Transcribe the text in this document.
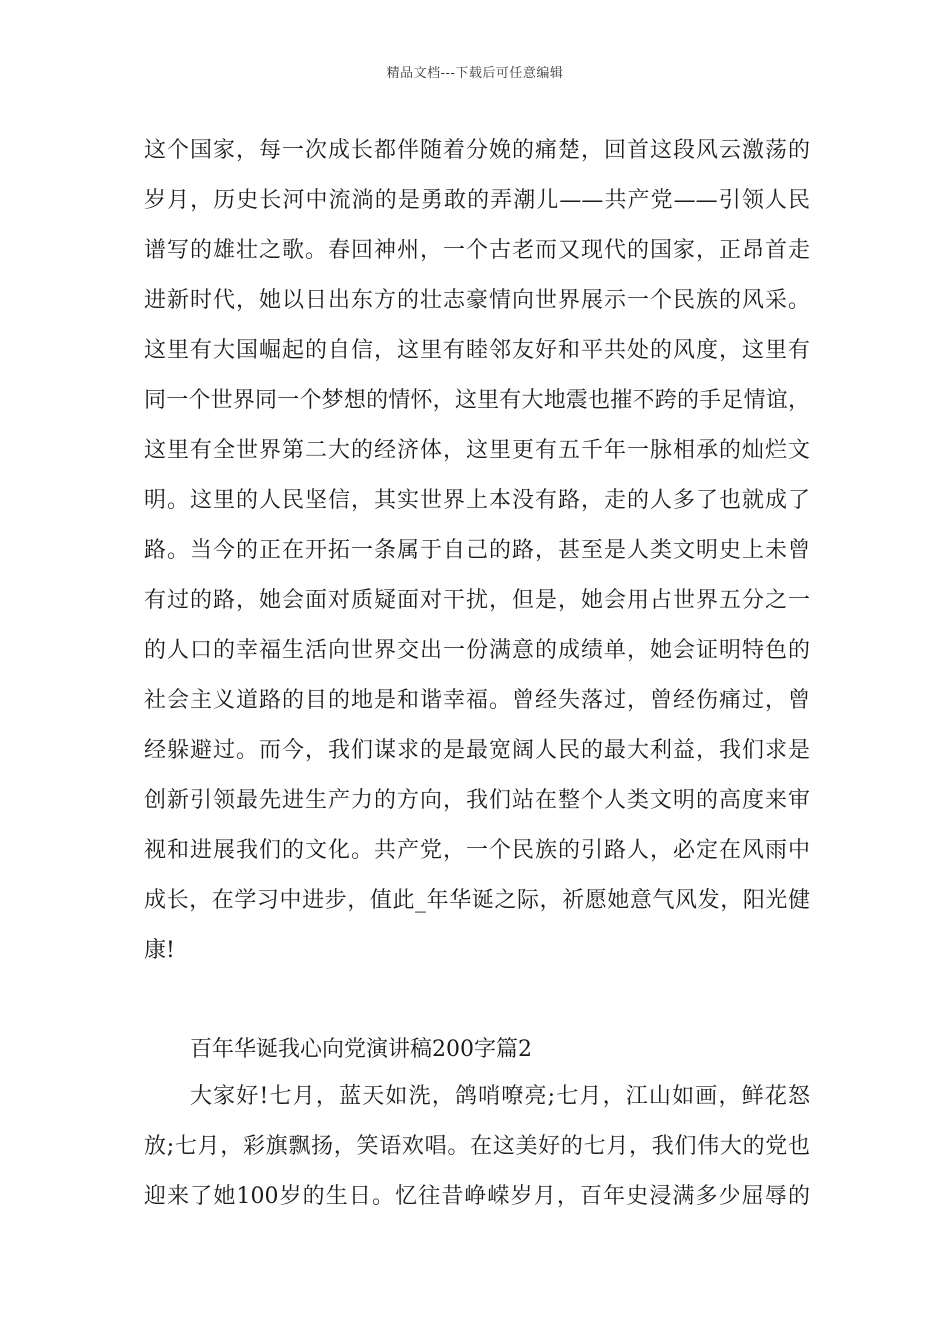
精品文档---下载后可任意编辑
这个国家，每一次成长都伴随着分娩的痛楚，回首这段风云激荡的
岁月，历史长河中流淌的是勇敢的弄潮儿——共产党——引领人民
谱写的雄壮之歌。春回神州，一个古老而又现代的国家，正昂首走
进新时代，她以日出东方的壮志豪情向世界展示一个民族的风采。
这里有大国崛起的自信，这里有睦邻友好和平共处的风度，这里有
同一个世界同一个梦想的情怀，这里有大地震也摧不跨的手足情谊，
这里有全世界第二大的经济体，这里更有五千年一脉相承的灿烂文
明。这里的人民坚信，其实世界上本没有路，走的人多了也就成了
路。当今的正在开拓一条属于自己的路，甚至是人类文明史上未曾
有过的路，她会面对质疑面对干扰，但是，她会用占世界五分之一
的人口的幸福生活向世界交出一份满意的成绩单，她会证明特色的
社会主义道路的目的地是和谐幸福。曾经失落过，曾经伤痛过，曾
经躲避过。而今，我们谋求的是最宽阔人民的最大利益，我们求是
创新引领最先进生产力的方向，我们站在整个人类文明的高度来审
视和进展我们的文化。共产党，一个民族的引路人，必定在风雨中
成长，在学习中进步，值此_年华诞之际，祈愿她意气风发，阳光健
康!
百年华诞我心向党演讲稿200字篇2
大家好!七月，蓝天如洗，鸽哨嘹亮;七月，江山如画，鲜花怒
放;七月，彩旗飘扬，笑语欢唱。在这美好的七月，我们伟大的党也
迎来了她100岁的生日。忆往昔峥嵘岁月，百年史浸满多少屈辱的
